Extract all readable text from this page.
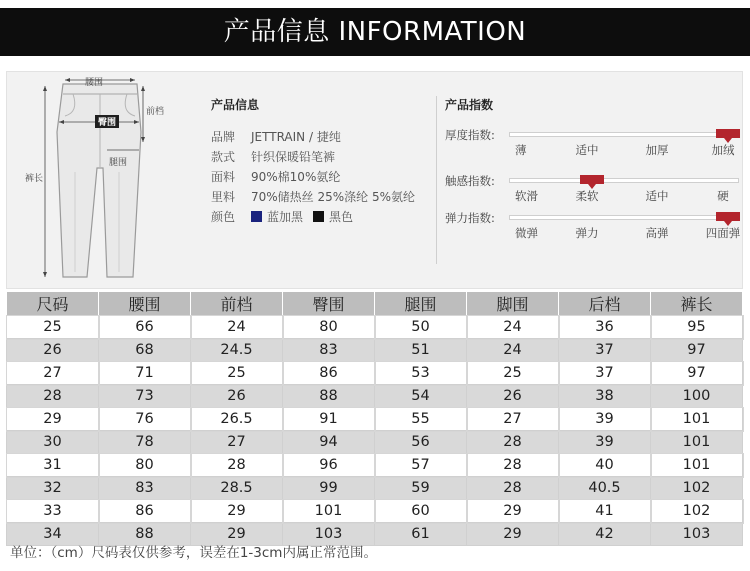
产品信息 INFORMATION
腰围
前档
臀围
腿围
裤长
产品信息
品牌	JETTRAIN / 捷纯
款式	针织保暖铅笔裤
面料	90%棉10%氨纶
里料	70%储热丝 25%涤纶 5%氨纶
颜色	蓝加黑	黑色
产品指数
厚度指数:
薄	适中	加厚	加绒
触感指数:
软滑	柔软	适中	硬
弹力指数:
微弹	弹力	高弹	四面弹
尺码	腰围	前档	臀围	腿围	脚围	后档	裤长
25	66	24	80	50	24	36	95
26	68	24.5	83	51	24	37	97
27	71	25	86	53	25	37	97
28	73	26	88	54	26	38	100
29	76	26.5	91	55	27	39	101
30	78	27	94	56	28	39	101
31	80	28	96	57	28	40	101
32	83	28.5	99	59	28	40.5	102
33	86	29	101	60	29	41	102
34	88	29	103	61	29	42	103
单位：（cm）尺码表仅供参考，误差在1-3cm内属正常范围。
